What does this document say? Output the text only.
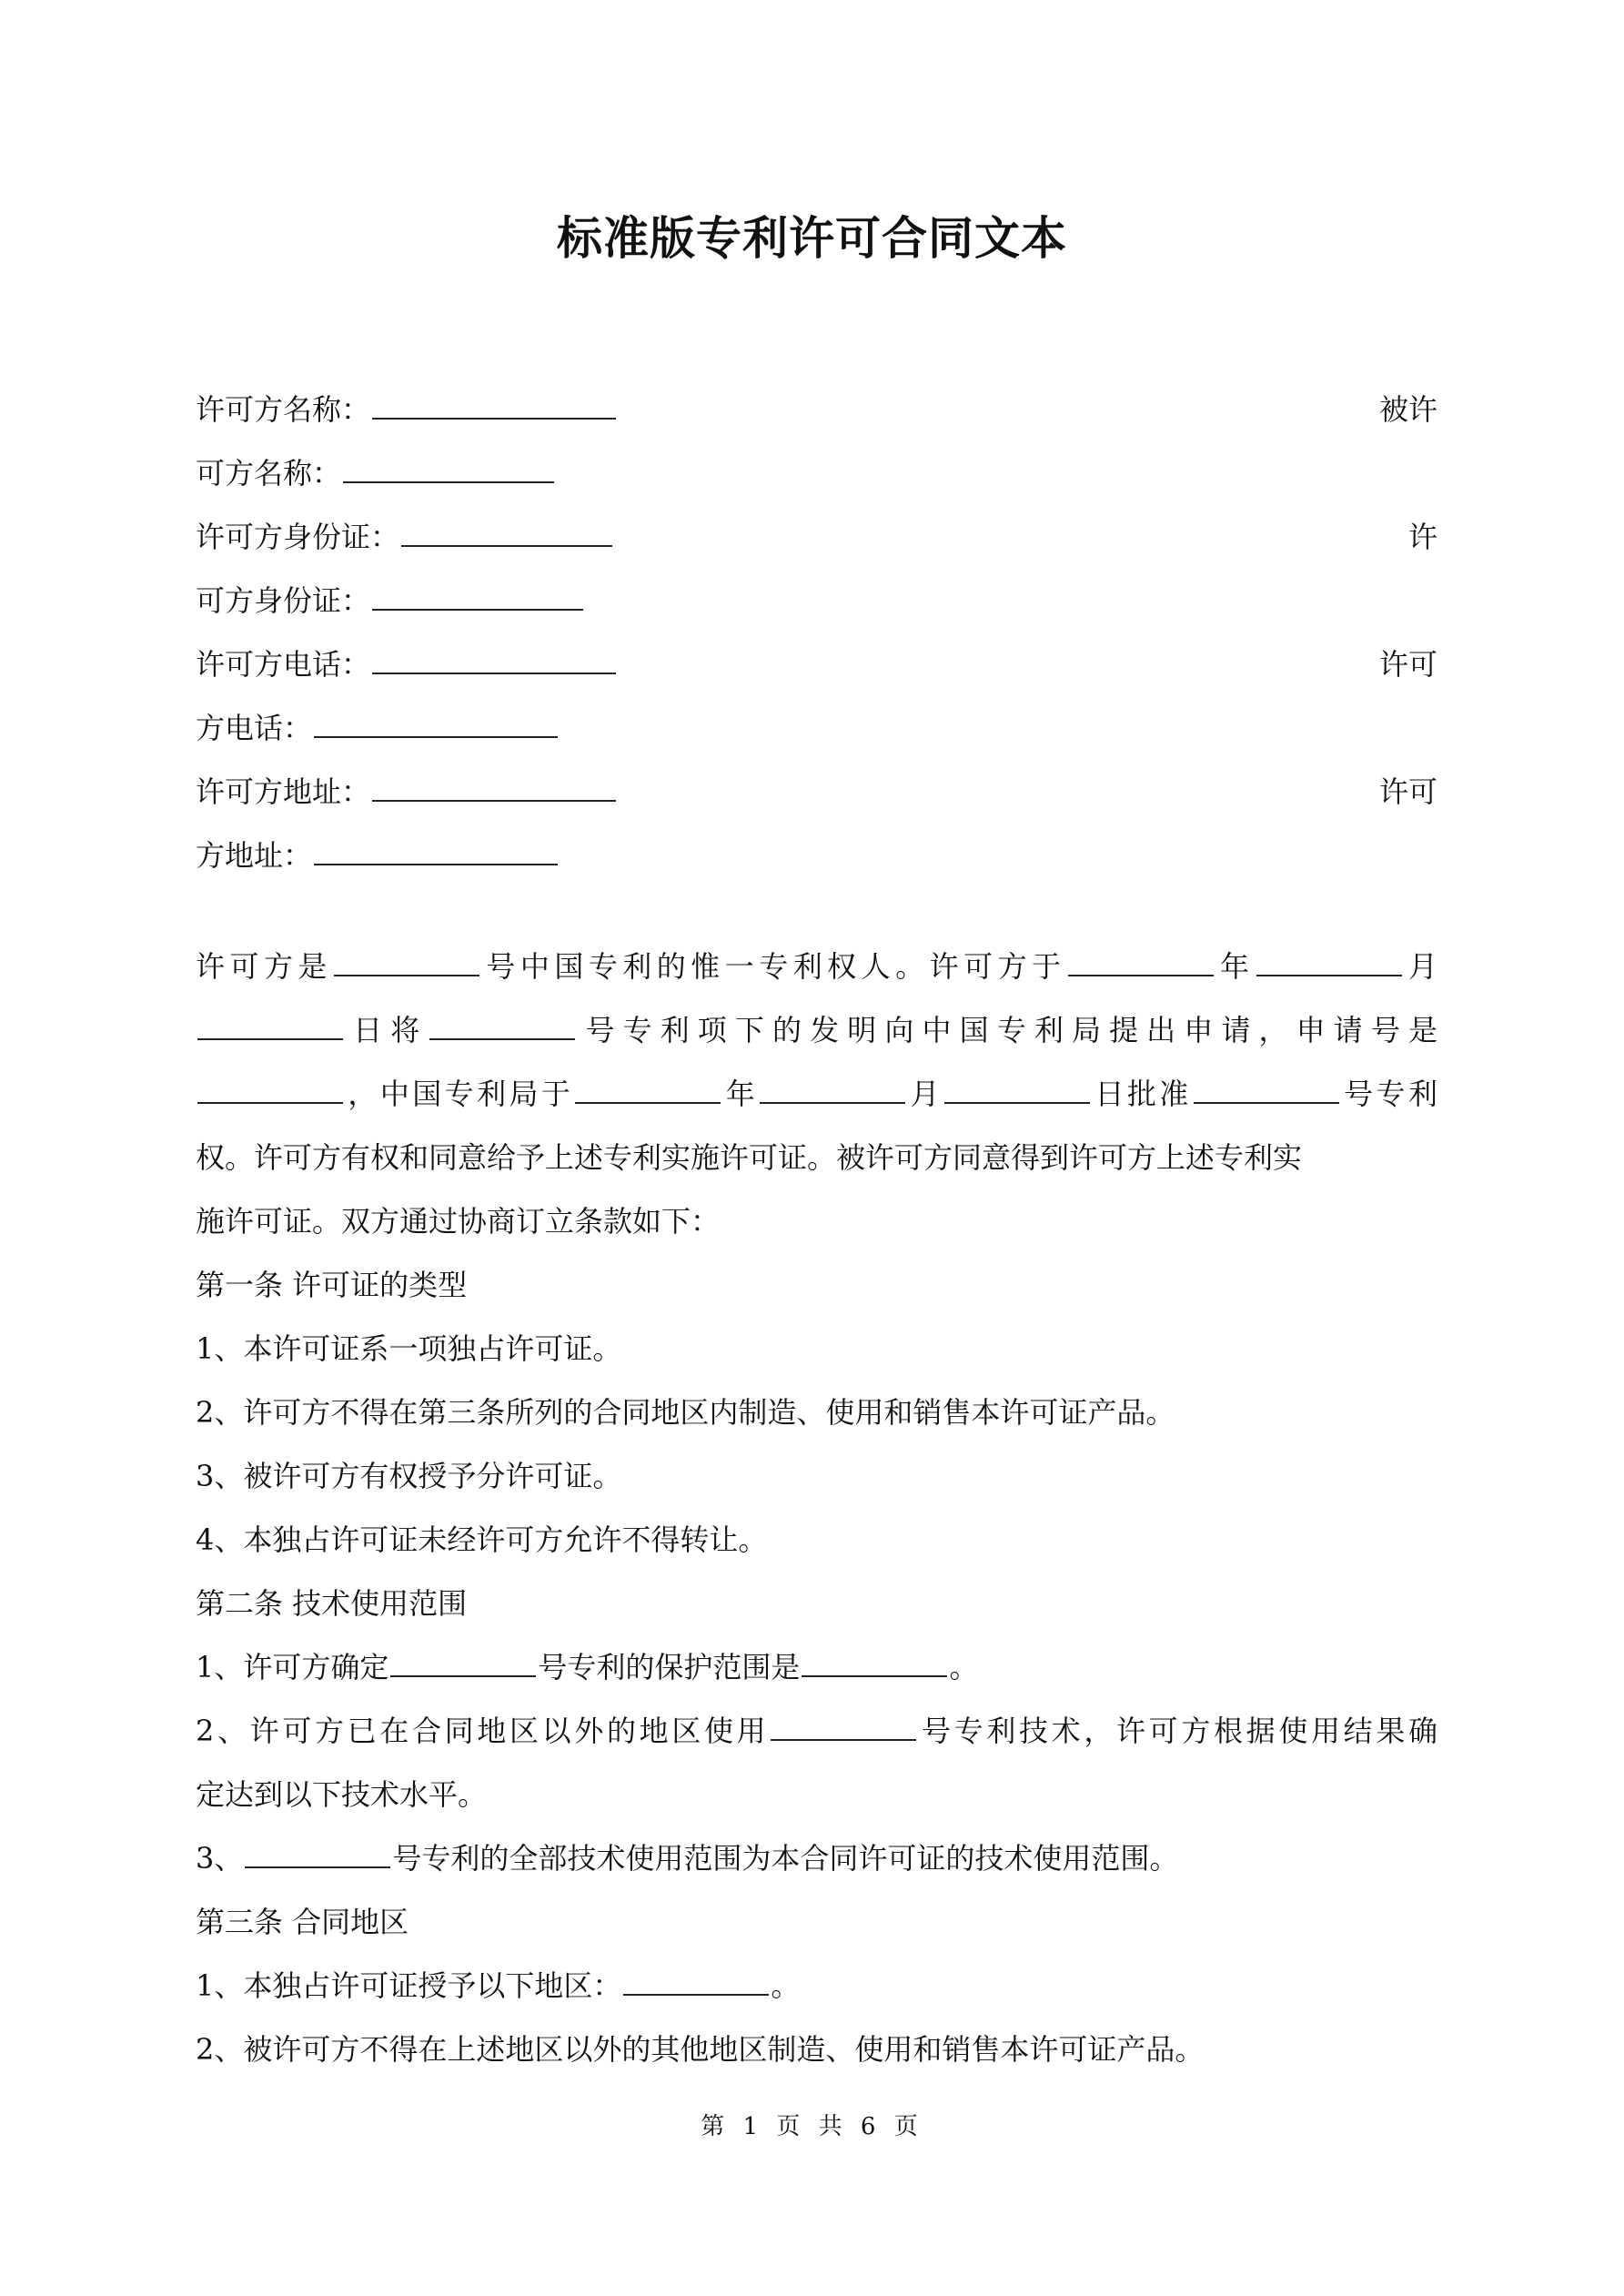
标准版专利许可合同文本
许可方名称：	被许
可方名称：
许可方身份证：	许
可方身份证：
许可方电话：	许可
方电话：
许可方地址：	许可
方地址：
许可方是	号中国专利的惟一专利权人。许可方于	年	月
日将	号专利项下的发明向中国专利局提出申请，申请号是
，中国专利局于	年	月	日批准	号专利
权。许可方有权和同意给予上述专利实施许可证。被许可方同意得到许可方上述专利实
施许可证。双方通过协商订立条款如下：
第一条 许可证的类型
1、本许可证系一项独占许可证。
2、许可方不得在第三条所列的合同地区内制造、使用和销售本许可证产品。
3、被许可方有权授予分许可证。
4、本独占许可证未经许可方允许不得转让。
第二条 技术使用范围
1、许可方确定	号专利的保护范围是	。
2、许可方已在合同地区以外的地区使用	号专利技术，许可方根据使用结果确
定达到以下技术水平。
3、	号专利的全部技术使用范围为本合同许可证的技术使用范围。
第三条 合同地区
1、本独占许可证授予以下地区：	。
2、被许可方不得在上述地区以外的其他地区制造、使用和销售本许可证产品。
第 1 页 共 6 页
